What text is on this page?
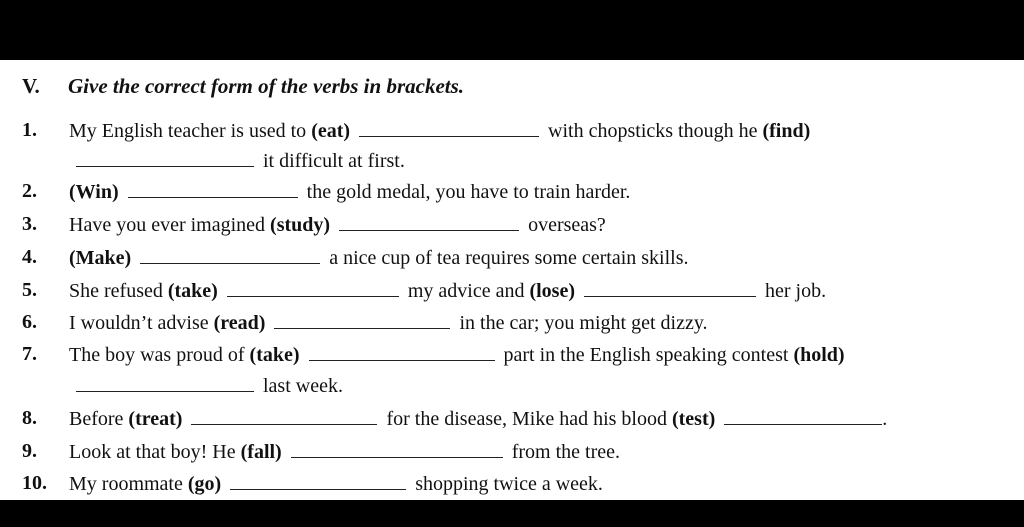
V. Give the correct form of the verbs in brackets.
1. My English teacher is used to (eat)	with chopsticks though he (find)
it difficult at first.
2. (Win)	the gold medal, you have to train harder.
3. Have you ever imagined (study)	overseas?
4. (Make)	a nice cup of tea requires some certain skills.
5. She refused (take)	my advice and (lose)	her job.
6. I wouldn’t advise (read)	in the car; you might get dizzy.
7. The boy was proud of (take)	part in the English speaking contest (hold)
last week.
8. Before (treat)	for the disease, Mike had his blood (test)	.
9. Look at that boy! He (fall)	from the tree.
10. My roommate (go)	shopping twice a week.
